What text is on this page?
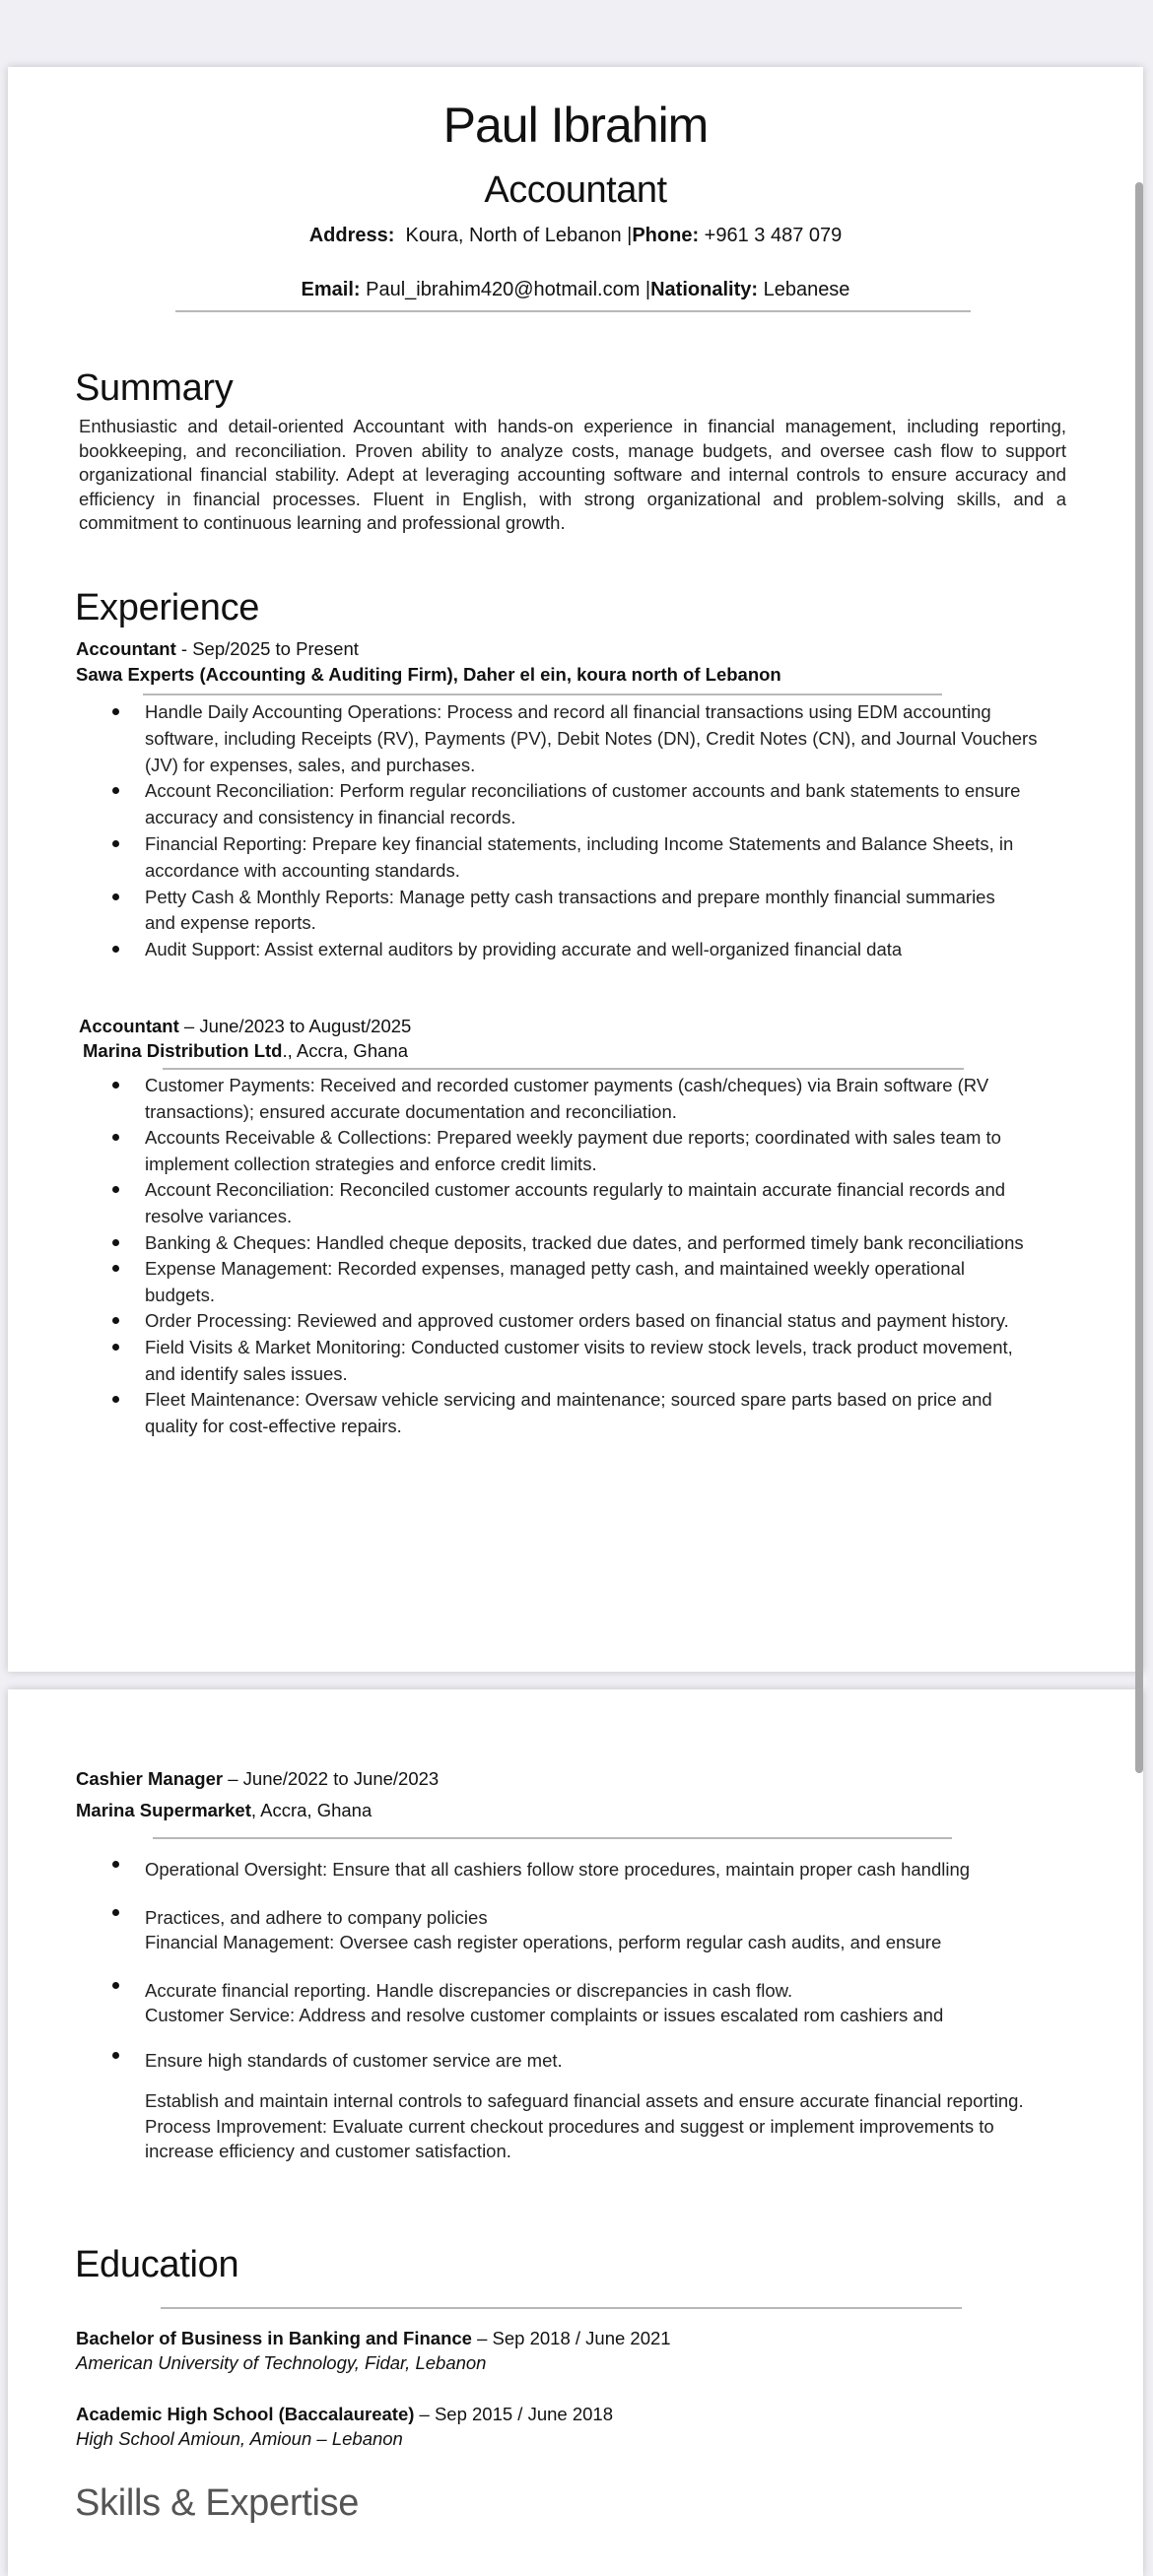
Paul Ibrahim
Accountant
Address:  Koura, North of Lebanon |Phone: +961 3 487 079
Email: Paul_ibrahim420@hotmail.com |Nationality: Lebanese
Summary
Enthusiastic and detail-oriented Accountant with hands-on experience in financial management, including reporting, bookkeeping, and reconciliation. Proven ability to analyze costs, manage budgets, and oversee cash flow to support organizational financial stability. Adept at leveraging accounting software and internal controls to ensure accuracy and efficiency in financial processes. Fluent in English, with strong organizational and problem-solving skills, and a commitment to continuous learning and professional growth.
Experience
Accountant - Sep/2025 to Present
Sawa Experts (Accounting & Auditing Firm), Daher el ein, koura north of Lebanon
Handle Daily Accounting Operations: Process and record all financial transactions using EDM accounting
software, including Receipts (RV), Payments (PV), Debit Notes (DN), Credit Notes (CN), and Journal Vouchers
(JV) for expenses, sales, and purchases.
Account Reconciliation: Perform regular reconciliations of customer accounts and bank statements to ensure
accuracy and consistency in financial records.
Financial Reporting: Prepare key financial statements, including Income Statements and Balance Sheets, in
accordance with accounting standards.
Petty Cash & Monthly Reports: Manage petty cash transactions and prepare monthly financial summaries
and expense reports.
Audit Support: Assist external auditors by providing accurate and well-organized financial data
Accountant – June/2023 to August/2025
Marina Distribution Ltd., Accra, Ghana
Customer Payments: Received and recorded customer payments (cash/cheques) via Brain software (RV
transactions); ensured accurate documentation and reconciliation.
Accounts Receivable & Collections: Prepared weekly payment due reports; coordinated with sales team to
implement collection strategies and enforce credit limits.
Account Reconciliation: Reconciled customer accounts regularly to maintain accurate financial records and
resolve variances.
Banking & Cheques: Handled cheque deposits, tracked due dates, and performed timely bank reconciliations
Expense Management: Recorded expenses, managed petty cash, and maintained weekly operational
budgets.
Order Processing: Reviewed and approved customer orders based on financial status and payment history.
Field Visits & Market Monitoring: Conducted customer visits to review stock levels, track product movement,
and identify sales issues.
Fleet Maintenance: Oversaw vehicle servicing and maintenance; sourced spare parts based on price and
quality for cost-effective repairs.
Cashier Manager – June/2022 to June/2023
Marina Supermarket, Accra, Ghana
Operational Oversight: Ensure that all cashiers follow store procedures, maintain proper cash handling
Practices, and adhere to company policies
Financial Management: Oversee cash register operations, perform regular cash audits, and ensure
Accurate financial reporting. Handle discrepancies or discrepancies in cash flow.
Customer Service: Address and resolve customer complaints or issues escalated rom cashiers and
Ensure high standards of customer service are met.
Establish and maintain internal controls to safeguard financial assets and ensure accurate financial reporting.
Process Improvement: Evaluate current checkout procedures and suggest or implement improvements to
increase efficiency and customer satisfaction.
Education
Bachelor of Business in Banking and Finance – Sep 2018 / June 2021
American University of Technology, Fidar, Lebanon
Academic High School (Baccalaureate) – Sep 2015 / June 2018
High School Amioun, Amioun – Lebanon
Skills & Expertise
